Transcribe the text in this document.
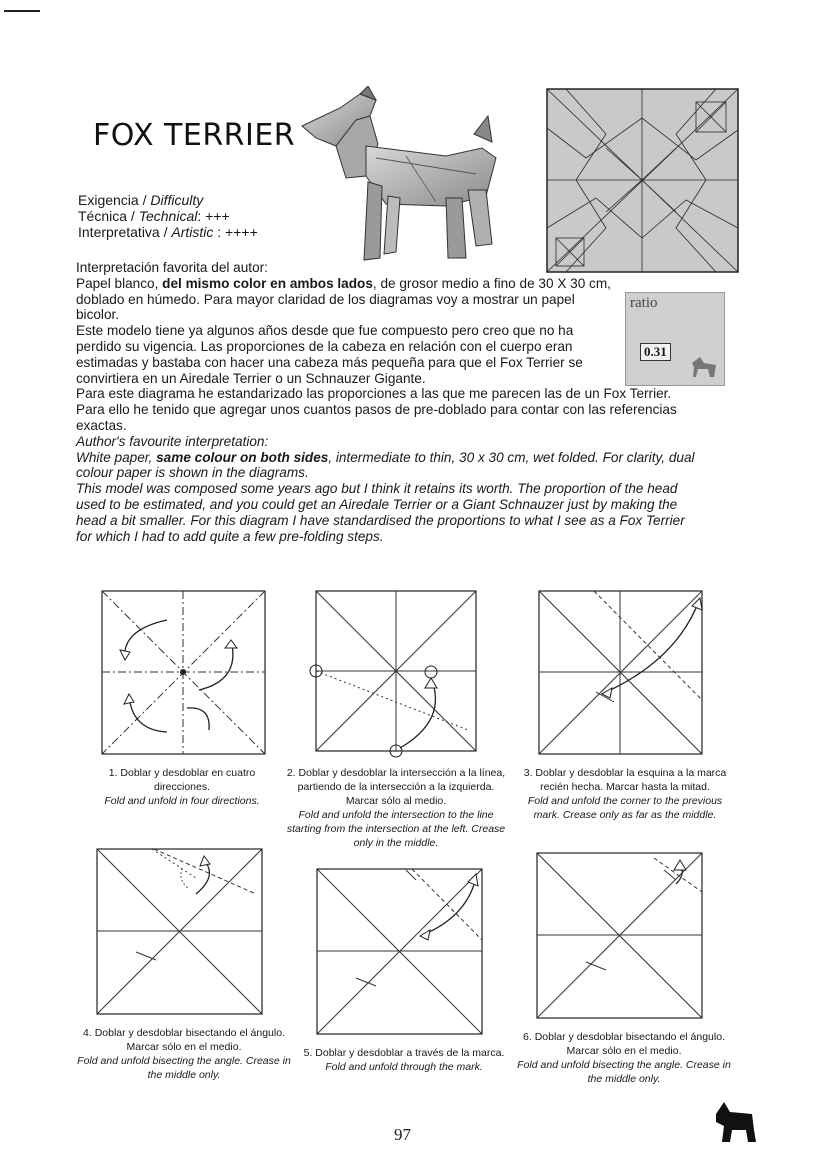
FOX TERRIER
ratio
0.31
Exigencia / Difficulty
Técnica / Technical: +++
Interpretativa / Artistic : ++++

Interpretación favorita del autor:

Papel blanco, del mismo color en ambos lados, de grosor medio a fino de 30 X 30 cm, doblado en húmedo. Para mayor claridad de los diagramas voy a mostrar un papel bicolor.

Este modelo tiene ya algunos años desde que fue compuesto pero creo que no ha perdido su vigencia. Las proporciones de la cabeza en relación con el cuerpo eran estimadas y bastaba con hacer una cabeza más pequeña para que el Fox Terrier se convirtiera en un Airedale Terrier o un Schnauzer Gigante.

Para este diagrama he estandarizado las proporciones a las que me parecen las de un Fox Terrier. Para ello he tenido que agregar unos cuantos pasos de pre-doblado para contar con las referencias exactas.

Author's favourite interpretation:

White paper, same colour on both sides, intermediate to thin, 30 x 30 cm, wet folded. For clarity, dual colour paper is shown in the diagrams.

This model was composed some years ago but I think it retains its worth. The proportion of the head used to be estimated, and you could get an Airedale Terrier or a Giant Schnauzer just by making the head a bit smaller. For this diagram I have standardised the proportions to what I see as a Fox Terrier for which I had to add quite a few pre-folding steps.

1. Doblar y desdoblar en cuatro direcciones.
Fold and unfold in four directions.
2. Doblar y desdoblar la intersección a la línea, partiendo de la intersección a la izquierda. Marcar sólo al medio.
Fold and unfold the intersection to the line starting from the intersection at the left. Crease only in the middle.
3. Doblar y desdoblar la esquina a la marca recién hecha. Marcar hasta la mitad.
Fold and unfold the corner to the previous mark. Crease only as far as the middle.
4. Doblar y desdoblar bisectando el ángulo. Marcar sólo en el medio.
Fold and unfold bisecting the angle. Crease in the middle only.
5. Doblar y desdoblar a través de la marca.
Fold and unfold through the mark.
6. Doblar y desdoblar bisectando el ángulo. Marcar sólo en el medio.
Fold and unfold bisecting the angle. Crease in the middle only.
97
